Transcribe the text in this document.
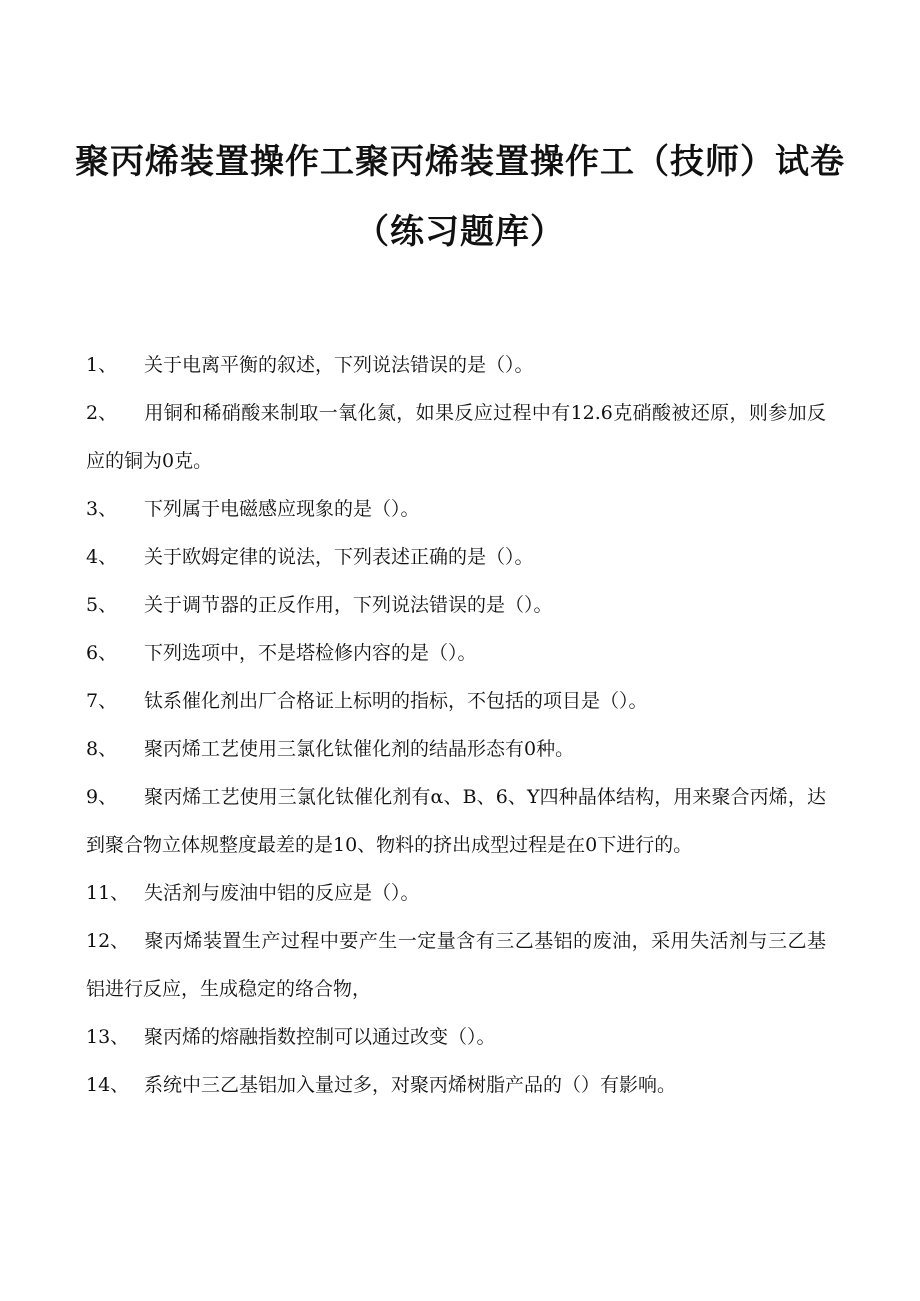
聚丙烯装置操作工聚丙烯装置操作工（技师）试卷
（练习题库）
1、	关于电离平衡的叙述，下列说法错误的是（）。
2、 用铜和稀硝酸来制取一氧化氮，如果反应过程中有12.6克硝酸被还原，则参加反应的铜为0克。
3、	下列属于电磁感应现象的是（）。
4、	关于欧姆定律的说法，下列表述正确的是（）。
5、	关于调节器的正反作用，下列说法错误的是（）。
6、	下列选项中，不是塔检修内容的是（）。
7、	钛系催化剂出厂合格证上标明的指标，不包括的项目是（）。
8、	聚丙烯工艺使用三氯化钛催化剂的结晶形态有0种。
9、 聚丙烯工艺使用三氯化钛催化剂有α、B、6、Y四种晶体结构，用来聚合丙烯，达到聚合物立体规整度最差的是10、物料的挤出成型过程是在0下进行的。
11、 失活剂与废油中铝的反应是（）。
12、 聚丙烯装置生产过程中要产生一定量含有三乙基铝的废油，采用失活剂与三乙基铝进行反应，生成稳定的络合物，
13、 聚丙烯的熔融指数控制可以通过改变（）。
14、 系统中三乙基铝加入量过多，对聚丙烯树脂产品的（）有影响。
